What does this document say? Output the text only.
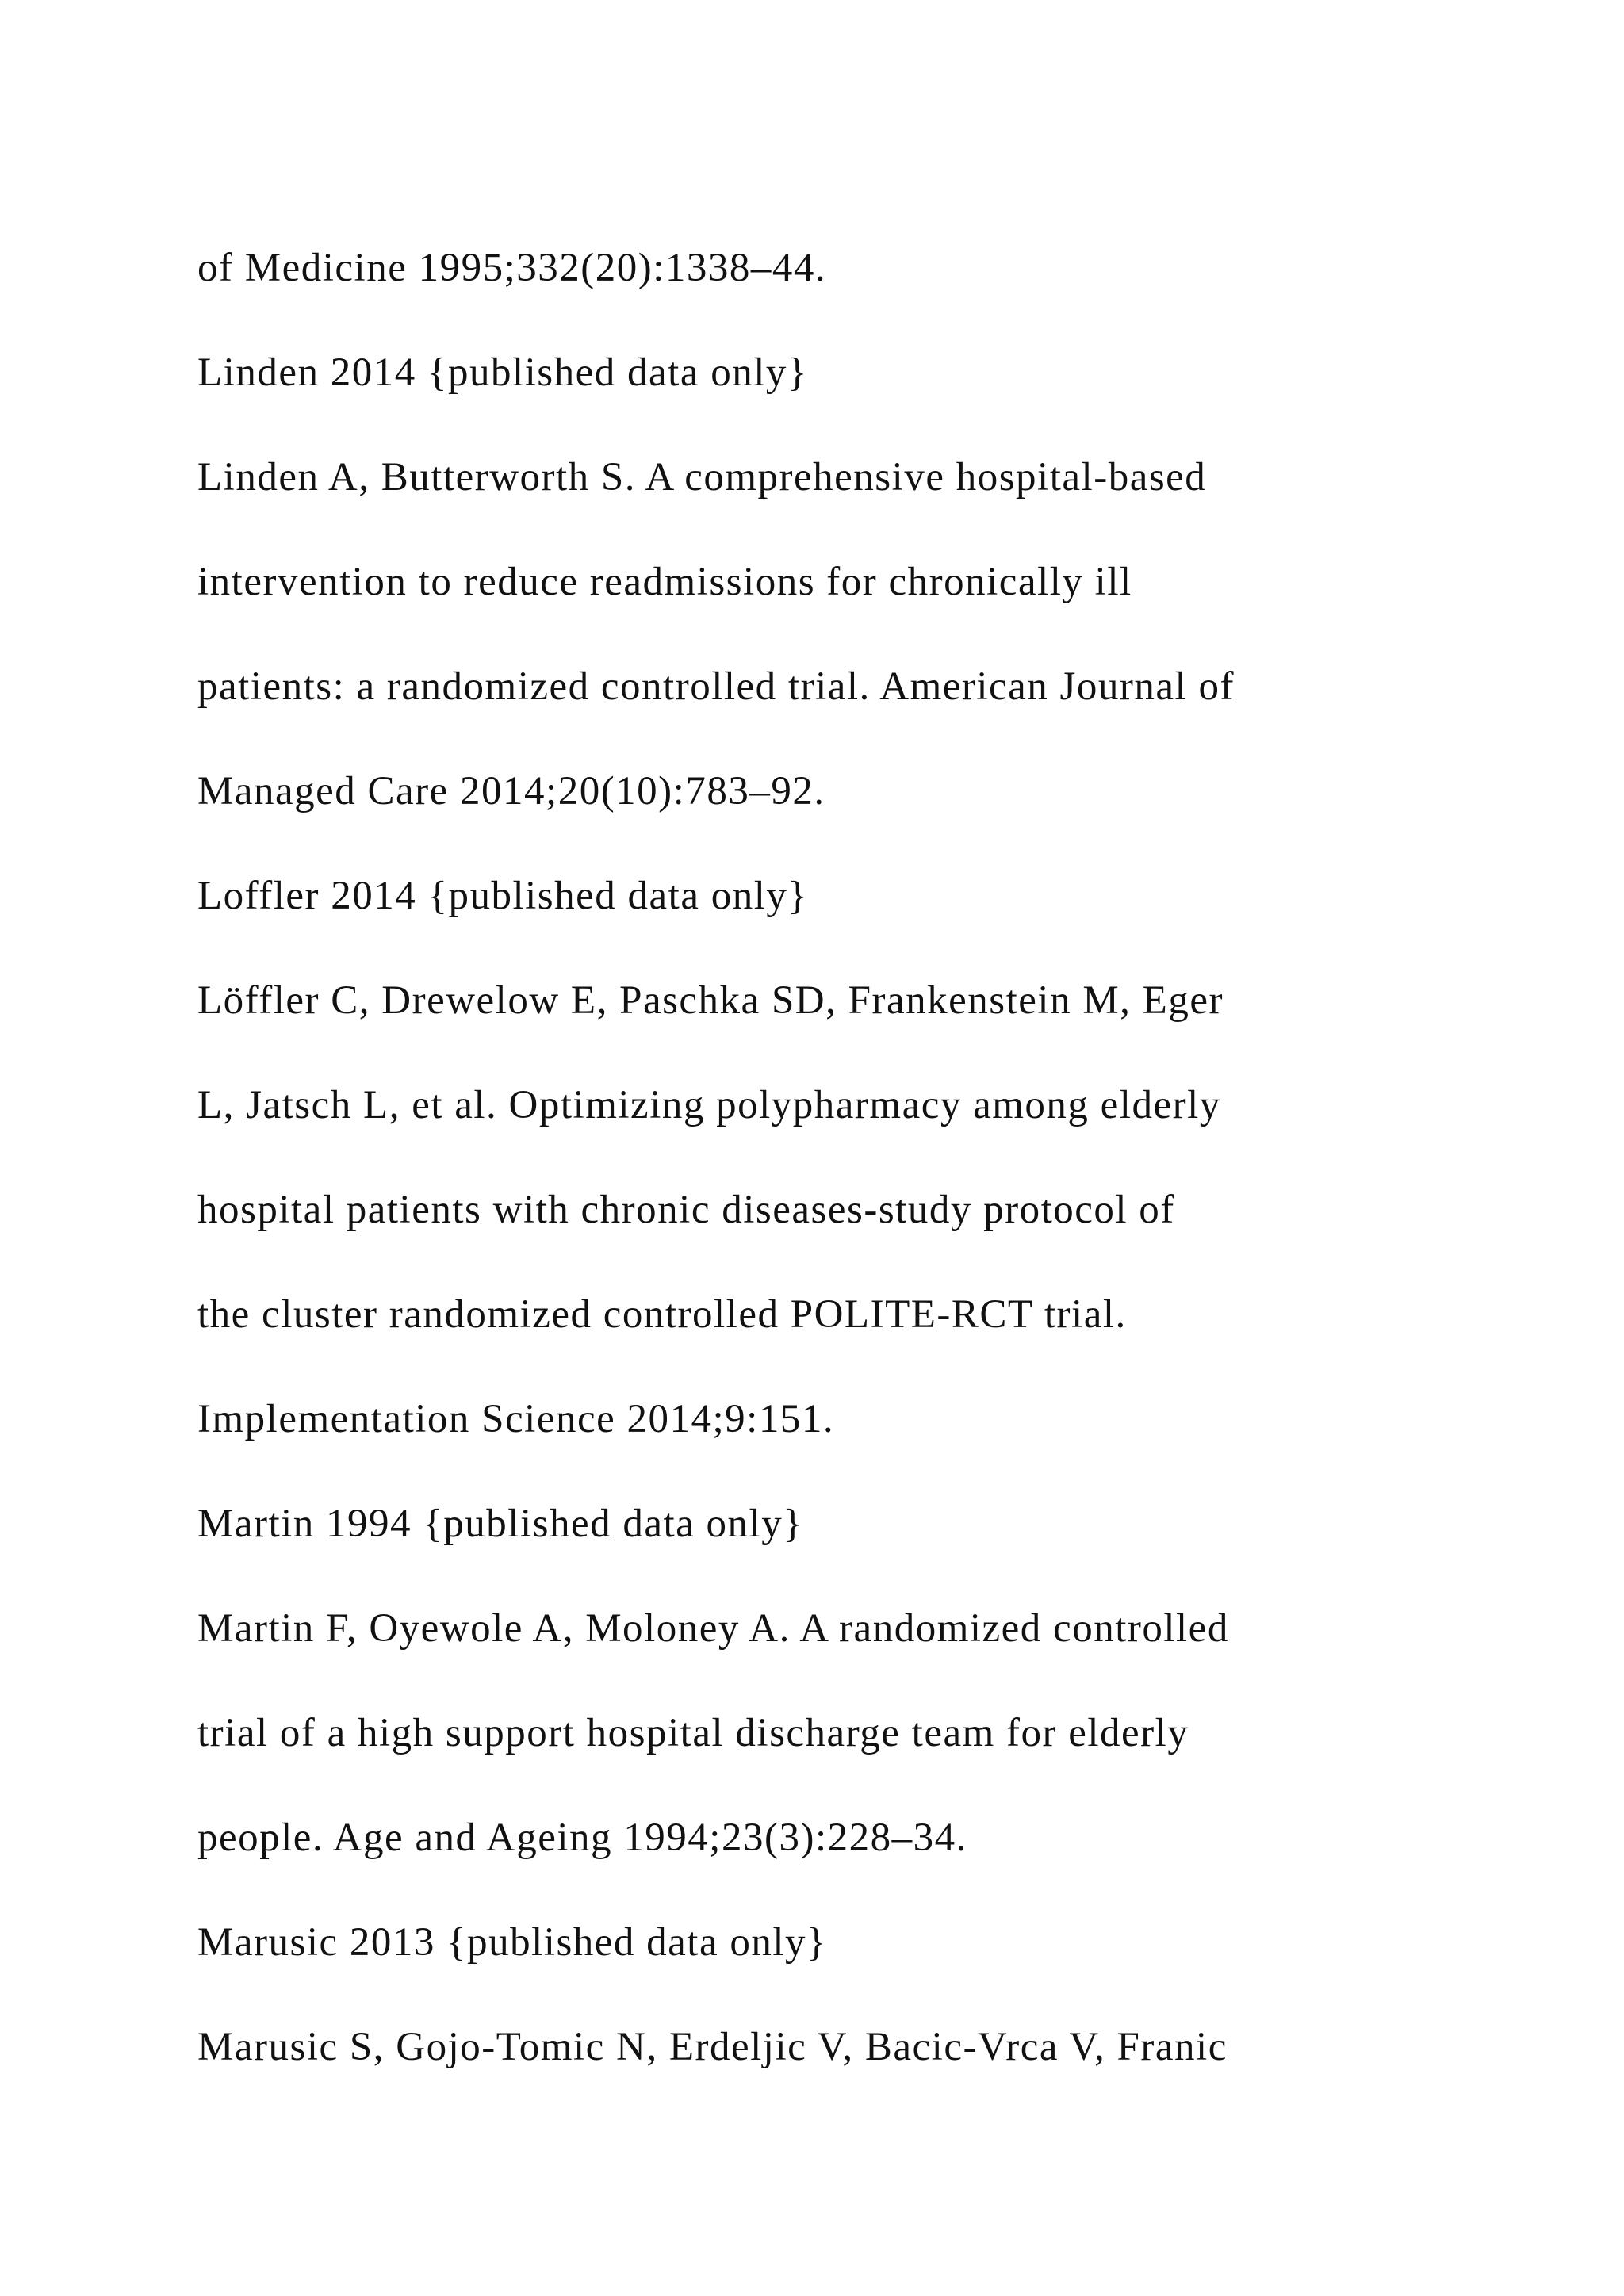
of Medicine 1995;332(20):1338–44.
Linden 2014 {published data only}
Linden A, Butterworth S. A comprehensive hospital-based
intervention to reduce readmissions for chronically ill
patients: a randomized controlled trial. American Journal of
Managed Care 2014;20(10):783–92.
Loffler 2014 {published data only}
Löffler C, Drewelow E, Paschka SD, Frankenstein M, Eger
L, Jatsch L, et al. Optimizing polypharmacy among elderly
hospital patients with chronic diseases-study protocol of
the cluster randomized controlled POLITE-RCT trial.
Implementation Science 2014;9:151.
Martin 1994 {published data only}
Martin F, Oyewole A, Moloney A. A randomized controlled
trial of a high support hospital discharge team for elderly
people. Age and Ageing 1994;23(3):228–34.
Marusic 2013 {published data only}
Marusic S, Gojo-Tomic N, Erdeljic V, Bacic-Vrca V, Franic
